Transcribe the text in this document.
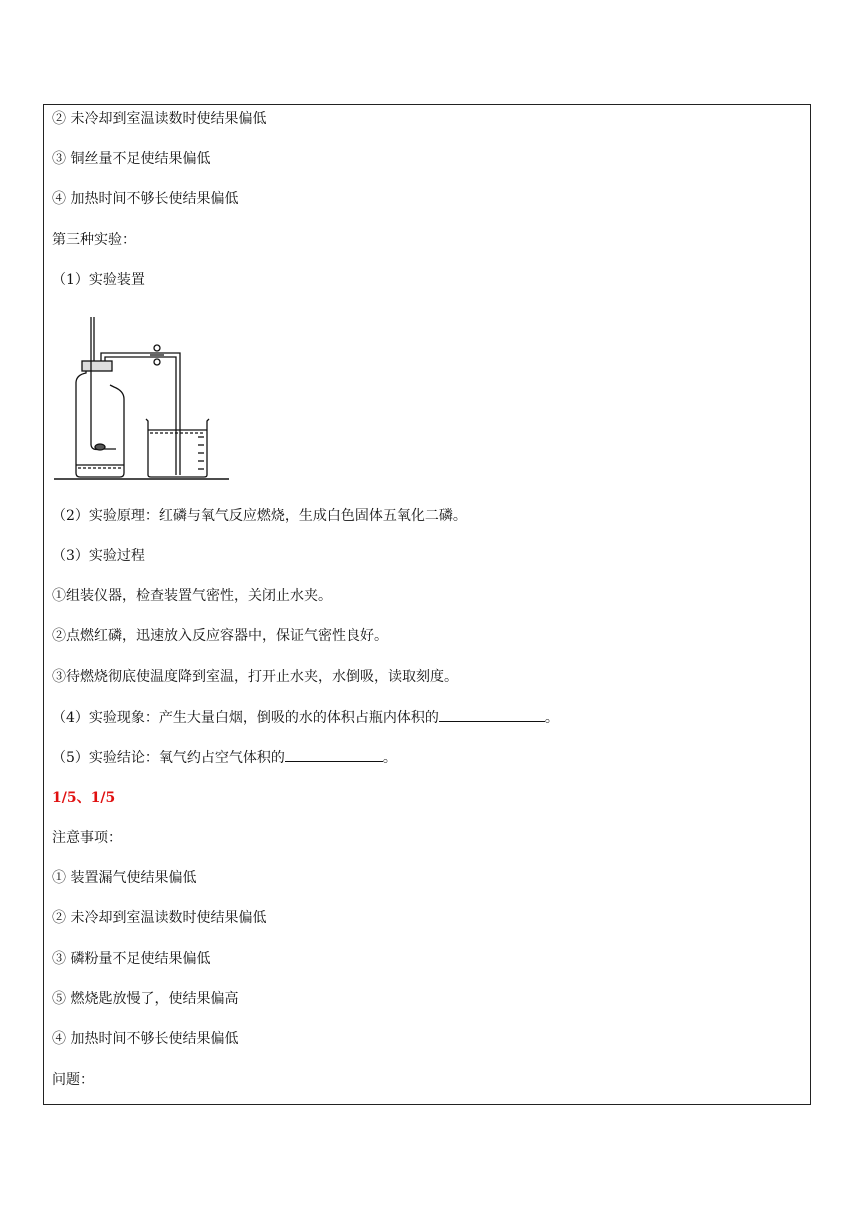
② 未冷却到室温读数时使结果偏低
③ 铜丝量不足使结果偏低
④ 加热时间不够长使结果偏低
第三种实验：
（1）实验装置
（2）实验原理：红磷与氧气反应燃烧，生成白色固体五氧化二磷。
（3）实验过程
①组装仪器，检查装置气密性，关闭止水夹。
②点燃红磷，迅速放入反应容器中，保证气密性良好。
③待燃烧彻底使温度降到室温，打开止水夹，水倒吸，读取刻度。
（4）实验现象：产生大量白烟，倒吸的水的体积占瓶内体积的	。
（5）实验结论：氧气约占空气体积的	。
1/5、1/5
注意事项：
① 装置漏气使结果偏低
② 未冷却到室温读数时使结果偏低
③ 磷粉量不足使结果偏低
⑤ 燃烧匙放慢了，使结果偏高
④ 加热时间不够长使结果偏低
问题：
